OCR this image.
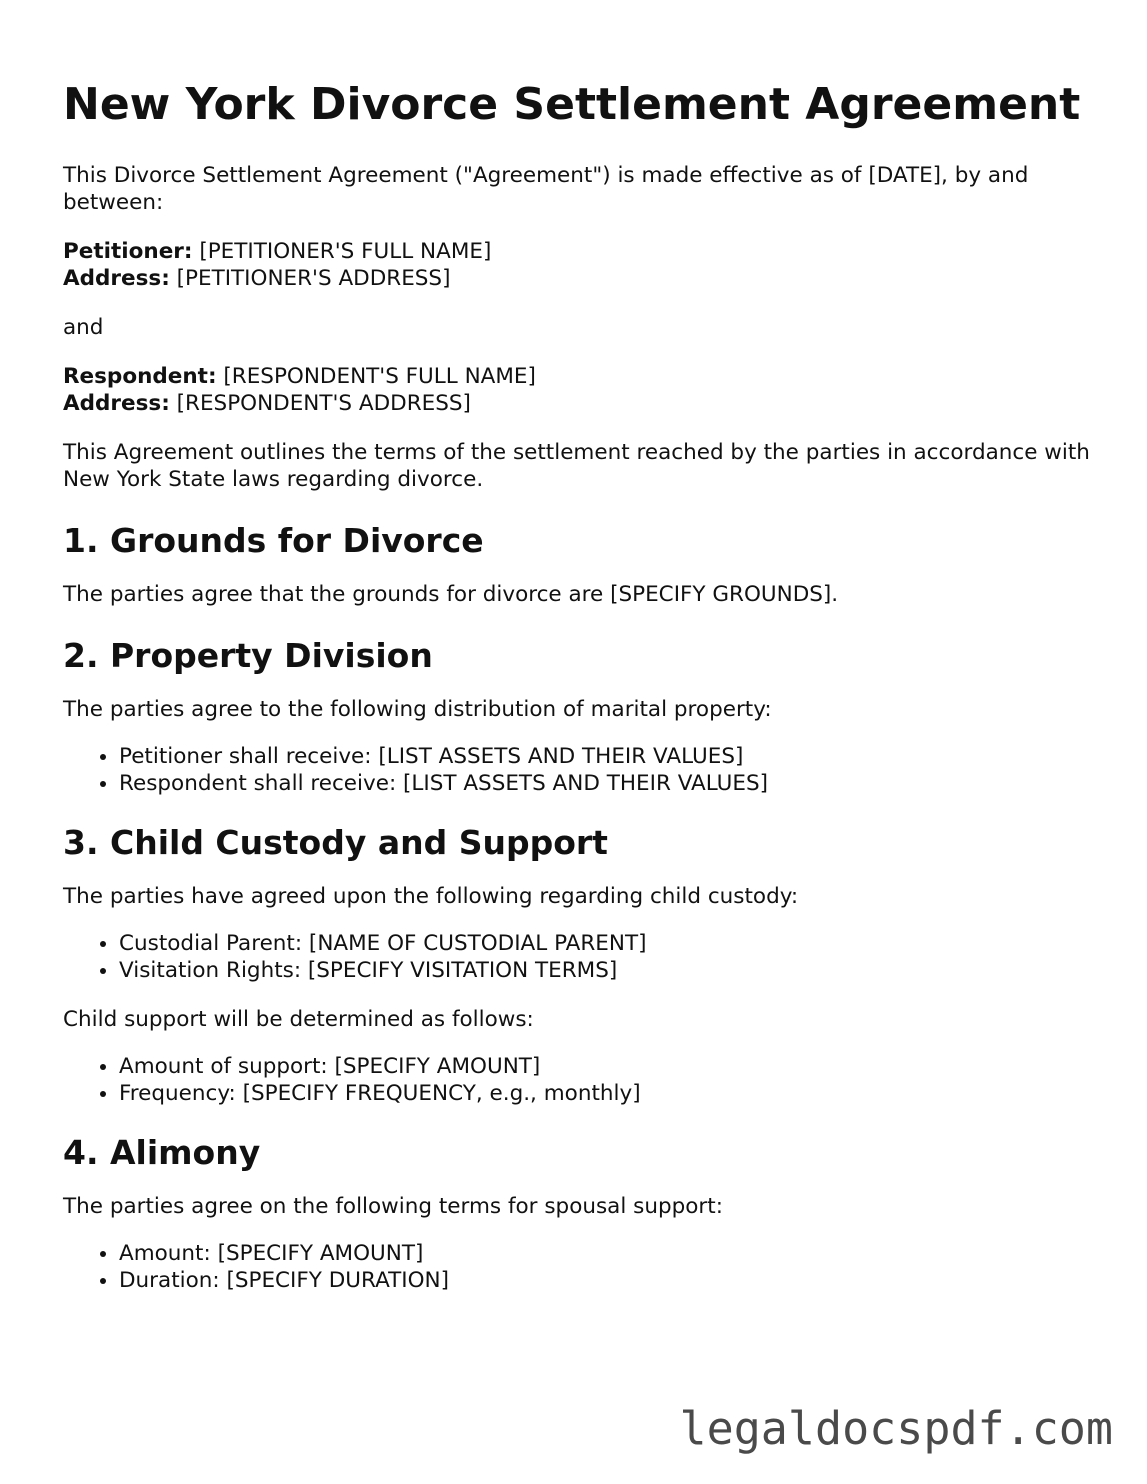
New York Divorce Settlement Agreement

This Divorce Settlement Agreement ("Agreement") is made effective as of [DATE], by and between:

Petitioner: [PETITIONER'S FULL NAME]
Address: [PETITIONER'S ADDRESS]

and

Respondent: [RESPONDENT'S FULL NAME]
Address: [RESPONDENT'S ADDRESS]

This Agreement outlines the terms of the settlement reached by the parties in accordance with New York State laws regarding divorce.

1. Grounds for Divorce

The parties agree that the grounds for divorce are [SPECIFY GROUNDS].

2. Property Division

The parties agree to the following distribution of marital property:

• Petitioner shall receive: [LIST ASSETS AND THEIR VALUES]
• Respondent shall receive: [LIST ASSETS AND THEIR VALUES]
3. Child Custody and Support

The parties have agreed upon the following regarding child custody:

• Custodial Parent: [NAME OF CUSTODIAL PARENT]
• Visitation Rights: [SPECIFY VISITATION TERMS]

Child support will be determined as follows:

• Amount of support: [SPECIFY AMOUNT]
• Frequency: [SPECIFY FREQUENCY, e.g., monthly]
4. Alimony

The parties agree on the following terms for spousal support:

• Amount: [SPECIFY AMOUNT]
• Duration: [SPECIFY DURATION]
legaldocspdf.com
